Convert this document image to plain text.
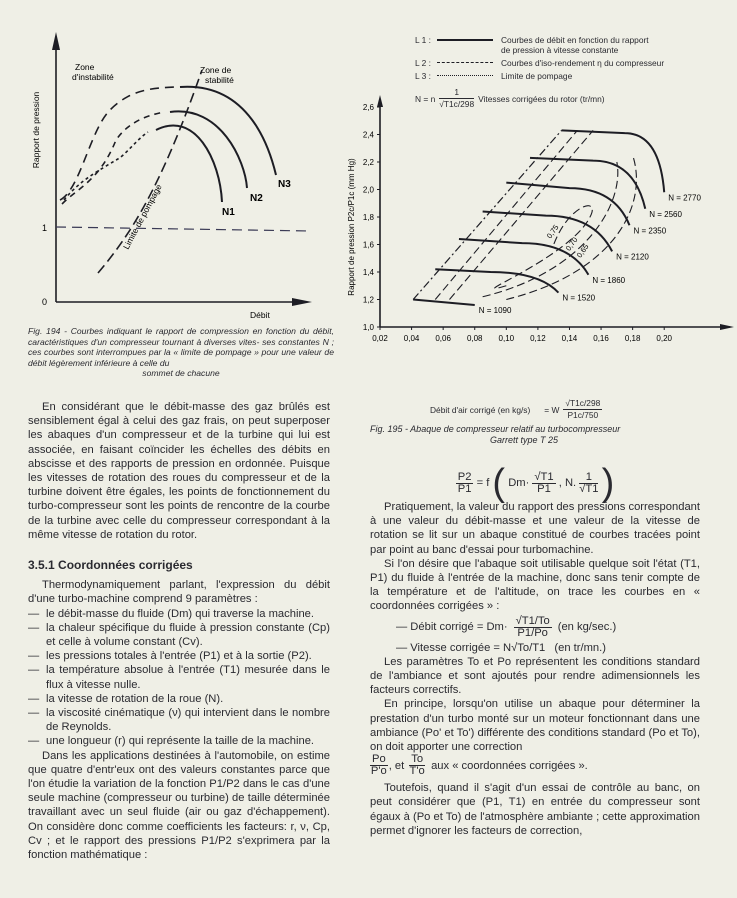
0
1
Rapport de pression
Débit
Zone d'instabilité
Zone de stabilité
Limite de pompage	N1
N2
N3
Fig. 194 - Courbes indiquant le rapport de compression en fonction du débit, caractéristiques d'un compresseur tournant à diverses vites- ses constantes N ; ces courbes sont interrompues par la « limite de pompage » pour une valeur de débit légèrement inférieure à celle du
sommet de chacune
L 1 :	Courbes de débit en fonction du rapport
de pression à vitesse constante
L 2 :	Courbes d'iso-rendement η du compresseur
L 3 :	Limite de pompage
N = n $\frac{1}{√T1c/298}$ Vitesses corrigées du rotor (tr/mn)
1,0
1,2
1,4
1,6
1,8
2,0
2,2
2,4
2,6
0,02 0,04 0,06 0,08 0,10 0,12 0,14 0,16 0,18 0,20
Rapport de pression P2c/P1c (mm Hg)	0,75
0,70
0,65
N = 1090
N = 1520
N = 1860
N = 2120
N = 2350
N = 2560
N = 2770
Débit d'air corrigé (en kg/s) = W $\frac{√T1c/298}{P1c/750}$
Fig. 195 - Abaque de compresseur relatif au turbocompresseur
Garrett type T 25

En considérant que le débit-masse des gaz brûlés est sensiblement égal à celui des gaz frais, on peut superposer les abaques d'un compresseur et de la turbine qui lui est associée, en faisant coïncider les échelles des débits en abscisse et des rapports de pression en ordonnée. Puisque les vitesses de rotation des roues du compresseur et de la turbine doivent être égales, les points de fonctionnement du turbo-compresseur sont les points de rencontre de la courbe de la turbine avec celle du compresseur correspondant à la même vitesse de rotation du rotor.

3.5.1 Coordonnées corrigées

Thermodynamiquement parlant, l'expression du débit d'une turbo-machine comprend 9 paramètres :

— le débit-masse du fluide (Dm) qui traverse la machine.
— la chaleur spécifique du fluide à pression constante (Cp) et celle à volume constant (Cv).
— les pressions totales à l'entrée (P1) et à la sortie (P2).
— la température absolue à l'entrée (T1) mesurée dans le flux à vitesse nulle.
— la vitesse de rotation de la roue (N).
— la viscosité cinématique (ν) qui intervient dans le nombre de Reynolds.
— une longueur (r) qui représente la taille de la machine.

Dans les applications destinées à l'automobile, on estime que quatre d'entr'eux ont des valeurs constantes parce que l'on étudie la variation de la fonction P1/P2 dans le cas d'une seule machine (compresseur ou turbine) de taille déterminée travaillant avec un seul fluide (air ou gaz d'échappement). On considère donc comme coefficients les facteurs: r, ν, Cp, Cv ; et le rapport des pressions P1/P2 s'exprimera par la fonction mathématique :

$\frac{P2}{P1} = f$ ( $Dm\cdot \frac{√T1}{P1}$ , N. $\frac{1}{√T1}$ )

Pratiquement, la valeur du rapport des pressions correspondant à une valeur du débit-masse et une valeur de la vitesse de rotation se lit sur un abaque constitué de courbes tracées point par point au banc d'essai pour turbomachine.

Si l'on désire que l'abaque soit utilisable quelque soit l'état (T1, P1) du fluide à l'entrée de la machine, donc sans tenir compte de la température et de l'altitude, on trace les courbes en « coordonnées corrigées » :

— Débit corrigé = $Dm\cdot \frac{√T1/To}{P1/Po} (en$ kg/sec.)
— Vitesse corrigée = N√To/T1 (en tr/mn.)

Les paramètres To et Po représentent les conditions standard de l'ambiance et sont ajoutés pour rendre adimensionnels les facteurs correctifs.

En principe, lorsqu'on utilise un abaque pour déterminer la prestation d'un turbo monté sur un moteur fonctionnant dans une ambiance (Po' et To') différente des conditions standard (Po et To), on doit apporter une correction

$\frac{Po}{P'o}$ , et $\frac{To}{T'o}$ aux « coordonnées corrigées ».

Toutefois, quand il s'agit d'un essai de contrôle au banc, on peut considérer que (P1, T1) en entrée du compresseur sont égaux à (Po et To) de l'atmosphère ambiante ; cette approximation permet d'ignorer les facteurs de correction,
